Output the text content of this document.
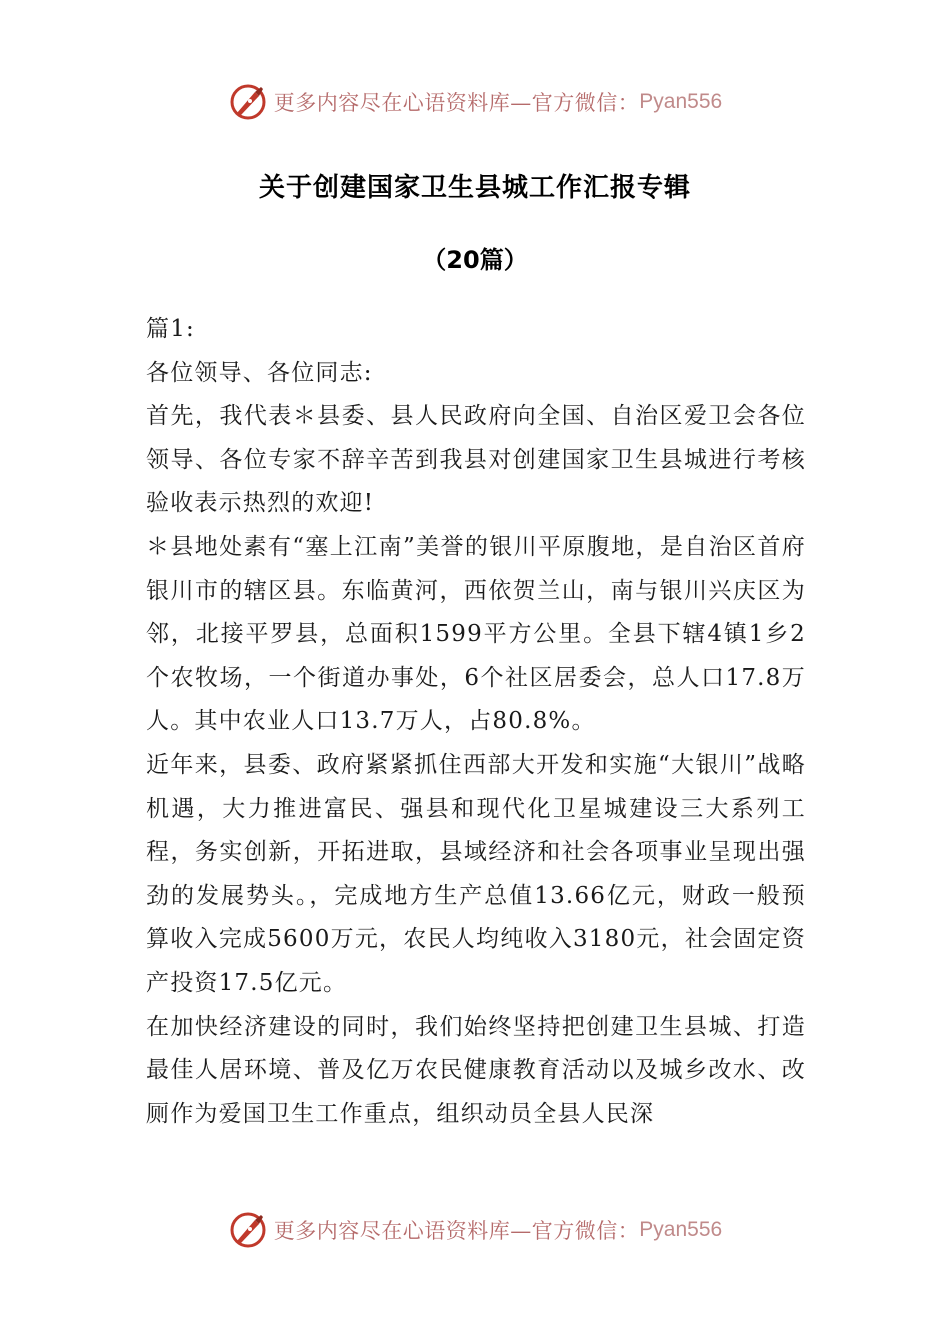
更多内容尽在心语资料库—官方微信： Pyan556
关于创建国家卫生县城工作汇报专辑
（20篇）

篇1:

各位领导、各位同志:

首先，我代表＊县委、县人民政府向全国、自治区爱卫会各位领导、各位专家不辞辛苦到我县对创建国家卫生县城进行考核验收表示热烈的欢迎!

＊县地处素有“塞上江南”美誉的银川平原腹地，是自治区首府银川市的辖区县。东临黄河，西依贺兰山，南与银川兴庆区为邻，北接平罗县，总面积1599平方公里。全县下辖4镇1乡2个农牧场，一个街道办事处，6个社区居委会，总人口17.8万人。其中农业人口13.7万人，占80.8%。

近年来，县委、政府紧紧抓住西部大开发和实施“大银川”战略机遇，大力推进富民、强县和现代化卫星城建设三大系列工程，务实创新，开拓进取，县域经济和社会各项事业呈现出强劲的发展势头。，完成地方生产总值13.66亿元，财政一般预算收入完成5600万元，农民人均纯收入3180元，社会固定资产投资17.5亿元。

在加快经济建设的同时，我们始终坚持把创建卫生县城、打造最佳人居环境、普及亿万农民健康教育活动以及城乡改水、改厕作为爱国卫生工作重点，组织动员全县人民深

更多内容尽在心语资料库—官方微信： Pyan556
